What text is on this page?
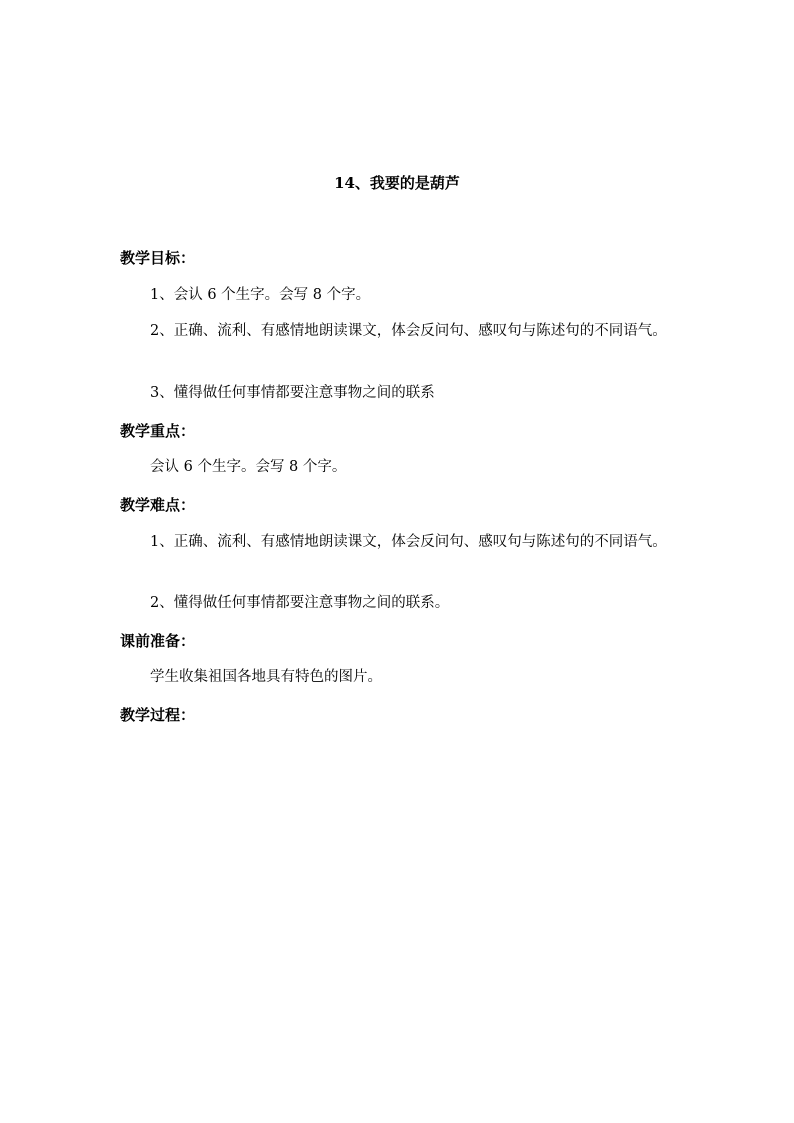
14、我要的是葫芦
教学目标：
1、会认 6 个生字。会写 8 个字。
2、正确、流利、有感情地朗读课文，体会反问句、感叹句与陈述句的不同语气。
3、懂得做任何事情都要注意事物之间的联系
教学重点：
会认 6 个生字。会写 8 个字。
教学难点：
1、正确、流利、有感情地朗读课文，体会反问句、感叹句与陈述句的不同语气。
2、懂得做任何事情都要注意事物之间的联系。
课前准备：
学生收集祖国各地具有特色的图片。
教学过程：
